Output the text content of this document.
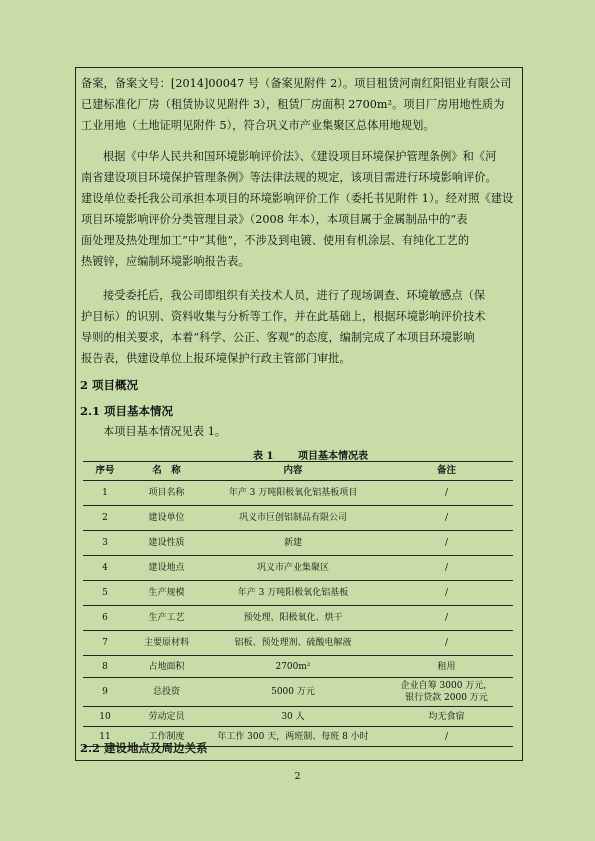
备案，备案文号：[2014]00047 号（备案见附件 2）。项目租赁河南红阳铝业有限公司
已建标准化厂房（租赁协议见附件 3），租赁厂房面积 2700m²。项目厂房用地性质为
工业用地（土地证明见附件 5），符合巩义市产业集聚区总体用地规划。
根据《中华人民共和国环境影响评价法》、《建设项目环境保护管理条例》和《河
南省建设项目环境保护管理条例》等法律法规的规定，该项目需进行环境影响评价。
建设单位委托我公司承担本项目的环境影响评价工作（委托书见附件 1）。经对照《建设
项目环境影响评价分类管理目录》（2008 年本），本项目属于金属制品中的“表
面处理及热处理加工”中“其他”，不涉及到电镀、使用有机涂层、有纯化工艺的
热镀锌，应编制环境影响报告表。
接受委托后，我公司即组织有关技术人员，进行了现场调查、环境敏感点（保
护目标）的识别、资料收集与分析等工作，并在此基础上，根据环境影响评价技术
导则的相关要求，本着“科学、公正、客观”的态度，编制完成了本项目环境影响
报告表，供建设单位上报环境保护行政主管部门审批。
2 项目概况
2.1 项目基本情况
本项目基本情况见表 1。
表 1 项目基本情况表
序号	名　称	内容	备注
1	项目名称	年产 3 万吨阳极氧化铝基板项目	/
2	建设单位	巩义市巨创铝制品有限公司	/
3	建设性质	新建	/
4	建设地点	巩义市产业集聚区	/
5	生产规模	年产 3 万吨阳极氧化铝基板	/
6	生产工艺	预处理、阳极氧化、烘干	/
7	主要原材料	铝板、预处理剂、硫酸电解液	/
8	占地面积	2700m²	租用
9	总投资	5000 万元	企业自筹 3000 万元，
银行贷款 2000 万元
10	劳动定员	30 人	均无食宿
11	工作制度	年工作 300 天，两班制、每班 8 小时	/
2.2 建设地点及周边关系
2
